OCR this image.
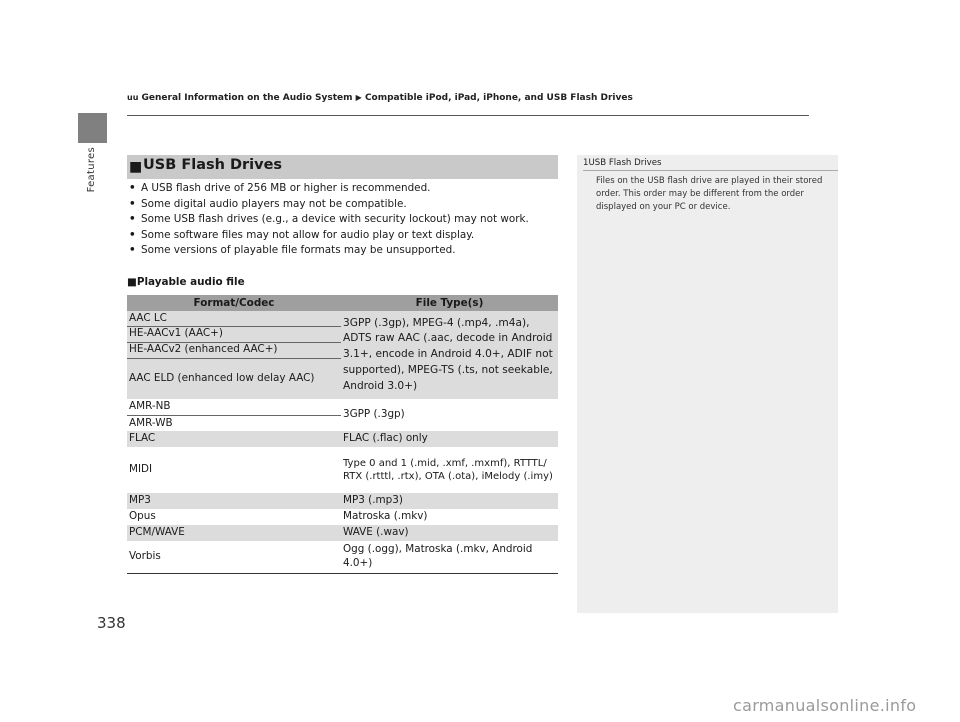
Features
uu General Information on the Audio System ▶ Compatible iPod, iPad, iPhone, and USB Flash Drives
■ USB Flash Drives
• A USB flash drive of 256 MB or higher is recommended.
• Some digital audio players may not be compatible.
• Some USB flash drives (e.g., a device with security lockout) may not work.
• Some software files may not allow for audio play or text display.
• Some versions of playable file formats may be unsupported.
■Playable audio file
Format/Codec	File Type(s)
AAC LC	3GPP (.3gp), MPEG-4 (.mp4, .m4a), ADTS raw AAC (.aac, decode in Android 3.1+, encode in Android 4.0+, ADIF not supported), MPEG-TS (.ts, not seekable, Android 3.0+)
HE-AACv1 (AAC+)	
HE-AACv2 (enhanced AAC+)	
AAC ELD (enhanced low delay AAC)	
AMR-NB	3GPP (.3gp)
AMR-WB	
FLAC	FLAC (.flac) only
MIDI	Type 0 and 1 (.mid, .xmf, .mxmf), RTTTL/ RTX (.rtttl, .rtx), OTA (.ota), iMelody (.imy)
MP3	MP3 (.mp3)
Opus	Matroska (.mkv)
PCM/WAVE	WAVE (.wav)
Vorbis	Ogg (.ogg), Matroska (.mkv, Android 4.0+)
1USB Flash Drives
Files on the USB flash drive are played in their stored order. This order may be different from the order displayed on your PC or device.
338
carmanualsonline.info
